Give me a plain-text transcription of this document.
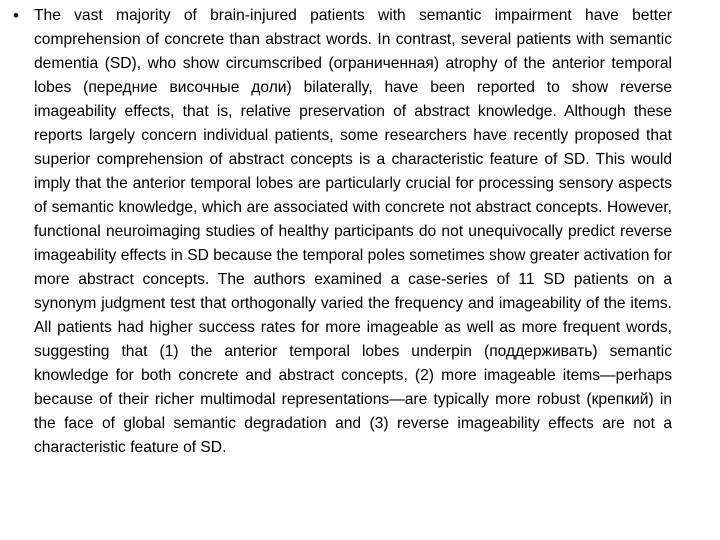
• The vast majority of brain-injured patients with semantic impairment have better comprehension of concrete than abstract words. In contrast, several patients with semantic dementia (SD), who show circumscribed (ограниченная) atrophy of the anterior temporal lobes (передние височные доли) bilaterally, have been reported to show reverse imageability effects, that is, relative preservation of abstract knowledge. Although these reports largely concern individual patients, some researchers have recently proposed that superior comprehension of abstract concepts is a characteristic feature of SD. This would imply that the anterior temporal lobes are particularly crucial for processing sensory aspects of semantic knowledge, which are associated with concrete not abstract concepts. However, functional neuroimaging studies of healthy participants do not unequivocally predict reverse imageability effects in SD because the temporal poles sometimes show greater activation for more abstract concepts. The authors examined a case-series of 11 SD patients on a synonym judgment test that orthogonally varied the frequency and imageability of the items. All patients had higher success rates for more imageable as well as more frequent words, suggesting that (1) the anterior temporal lobes underpin (поддерживать) semantic knowledge for both concrete and abstract concepts, (2) more imageable items—perhaps because of their richer multimodal representations—are typically more robust (крепкий) in the face of global semantic degradation and (3) reverse imageability effects are not a characteristic feature of SD.
